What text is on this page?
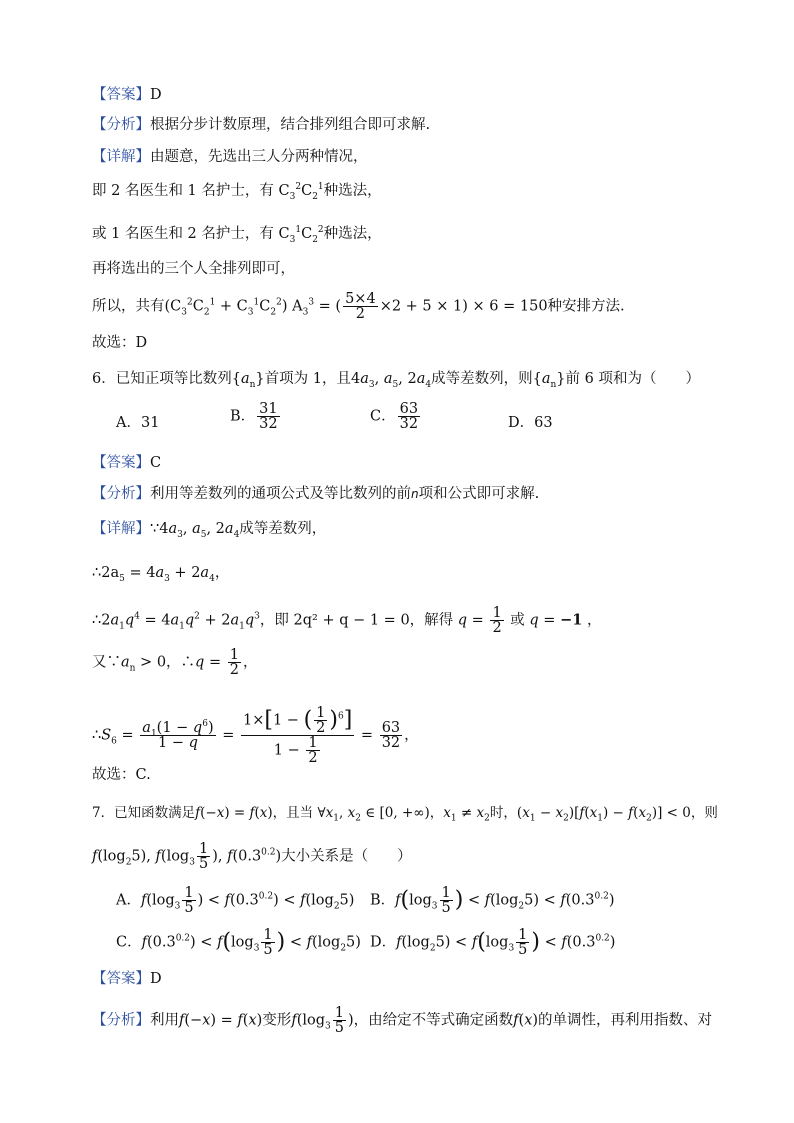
【答案】D
【分析】根据分步计数原理，结合排列组合即可求解.
【详解】由题意，先选出三人分两种情况，
即 2 名医生和 1 名护士，有 $C_3^2C_2^1$种选法，
或 1 名医生和 2 名护士，有 $C_3^1C_2^2$种选法，
再将选出的三个人全排列即可，
所以，共有$(C_3^2C_2^1 + C_3^1C_2^2) A_3^3$ = ( $\frac{5\times 4}{2} \times 2 + 5 \times 1) \times 6 = 150$种安排方法.
故选：D
6．已知正项等比数列$\{a_n\}$首项为 1，且$4a_3$, $a_5$, $2a_4$成等差数列，则$\{a_n\}$前 6 项和为（　　）
A．31	B． $\frac{31}{32}$	C． $\frac{63}{32}$	D．63
【答案】C
【分析】利用等差数列的通项公式及等比数列的前n项和公式即可求解.
【详解】$\because 4a_3$, $a_5$, $2a_4$成等差数列，
$\therefore 2a_5 = 4a_3 + 2a_4$，
$\therefore 2a_1q^4 = 4a_1q^2 + 2a_1q^3$，即 2q² + q − 1 = 0，解得 $q = \frac{1}{2}$ 或 q = −1 ，
又$\because a_n > 0$，∴q = $\frac{1}{2}$ ，
$\therefore S_6 = \frac{a_1(1 - q^6)}{1 - q} = \frac{1\times[1 - ( \frac{1}{2} )^6]}{1 - \frac{1}{2}} = \frac{63}{32}$ ，
故选：C.
7．已知函数满足f(−x) = f(x)，且当 $\forall x_1$, $x_2$ ∈ [0, +∞)，$x_1 \ne x_2$时，$(x_1 - x_2)[f(x_1) - f(x_2)] < 0$，则
$f(\log_25)$, $f(\log_3 \frac{1}{5}$ ), $f(0.3^{0.2})$大小关系是（　　）
A．$f(\log_3 \frac{1}{5}$ ) < $f(0.3^{0.2}) < f(\log_25)$ B．$f(\log_3 \frac{1}{5}$ ) < $f(\log_25) < f(0.3^{0.2})$
C．$f(0.3^{0.2}) < f(\log_3 \frac{1}{5}$ ) < $f(\log_25)$ D．$f(\log_25) < f(\log_3 \frac{1}{5}$ ) < $f(0.3^{0.2})$
【答案】D
【分析】利用f(−x) = f(x)变形$f(\log_3 \frac{1}{5}$ )，由给定不等式确定函数f(x)的单调性，再利用指数、对
